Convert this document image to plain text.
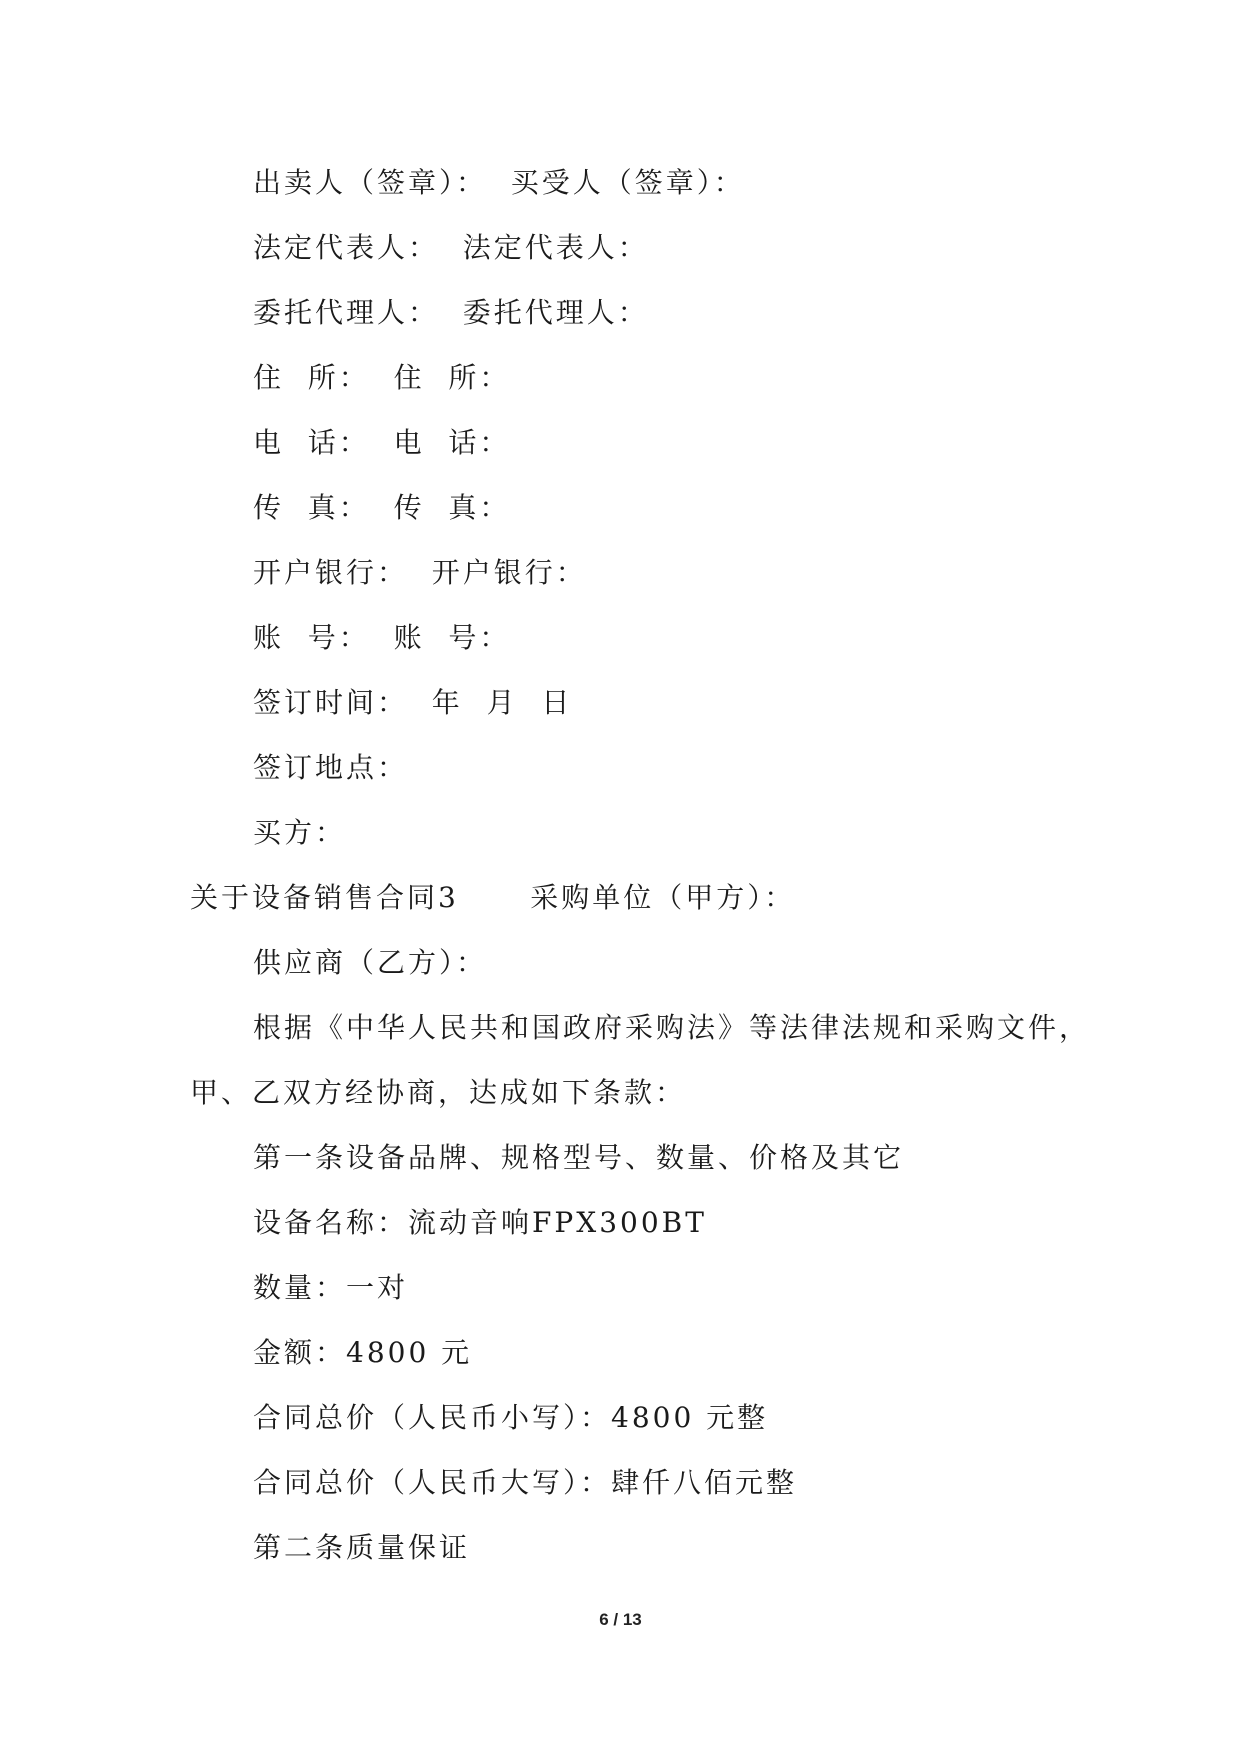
出卖人（签章）：  买受人（签章）：
法定代表人：  法定代表人：
委托代理人：  委托代理人：
住  所：  住  所：
电  话：  电  话：
传  真：  传  真：
开户银行：  开户银行：
账  号：  账  号：
签订时间：  年  月  日
签订地点：
买方：
关于设备销售合同3      采购单位（甲方）：
供应商（乙方）：
根据《中华人民共和国政府采购法》等法律法规和采购文件，
甲、乙双方经协商，达成如下条款：
第一条设备品牌、规格型号、数量、价格及其它
设备名称：流动音响FPX300BT
数量：一对
金额：4800 元
合同总价（人民币小写）：4800 元整
合同总价（人民币大写）：肆仟八佰元整
第二条质量保证
6 / 13
